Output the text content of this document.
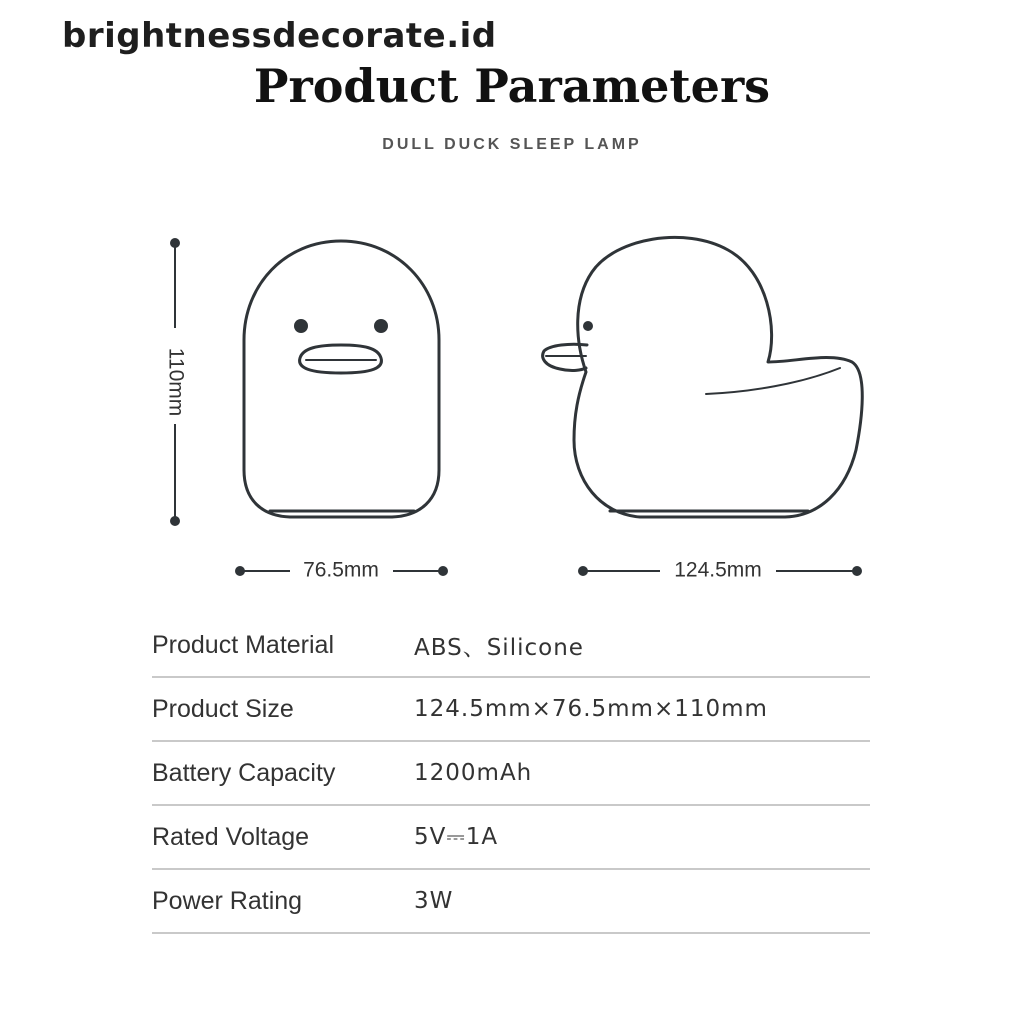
brightnessdecorate.id
Product Parameters
DULL DUCK SLEEP LAMP
110mm
76.5mm	124.5mm
Product Material	ABS、Silicone
Product Size	124.5mm×76.5mm×110mm
Battery Capacity	1200mAh
Rated Voltage	5V⎓1A
Power Rating	3W
